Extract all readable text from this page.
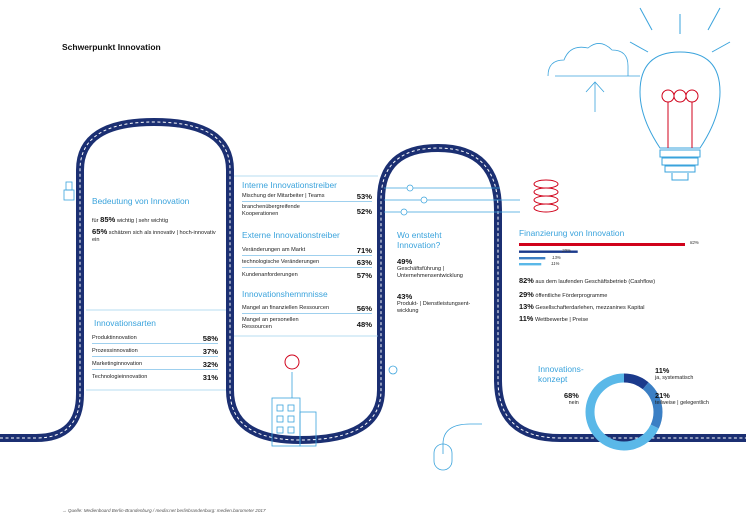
Schwerpunkt Innovation
Bedeutung von Innovation
für 85% wichtig | sehr wichtig
65% schätzen sich als innovativ | hoch-innovativ ein
Innovationsarten
Produktinnovation	58%
Prozessinnovation	37%
Marketinginnovation	32%
Technologieinnovation	31%
Interne Innovationstreiber
Mischung der Mitarbeiter | Teams	53%
branchenübergreifende Kooperationen	52%
Externe Innovationstreiber
Veränderungen am Markt	71%
technologische Veränderungen	63%
Kundenanforderungen	57%
Innovationshemmnisse
Mangel an finanziellen Ressourcen	56%
Mangel an personellen Ressourcen	48%
Wo entsteht Innovation?
49%
Geschäftsführung | Unternehmensentwicklung
43%
Produkt- | Dienstleistungsent-wicklung
Finanzierung von Innovation
82%
29%
13%
11%
82% aus dem laufenden Geschäftsbetrieb (Cashflow)
29% öffentliche Förderprogramme
13% Gesellschafterdarlehen, mezzanines Kapital
11% Wettbewerbe | Preise
Innovations-konzept
11%
ja, systematisch
21%
teilweise | gelegentlich
68%
nein
→ Quelle: Medienboard Berlin-Brandenburg / media:net berlinbrandenburg: medien.barometer 2017
